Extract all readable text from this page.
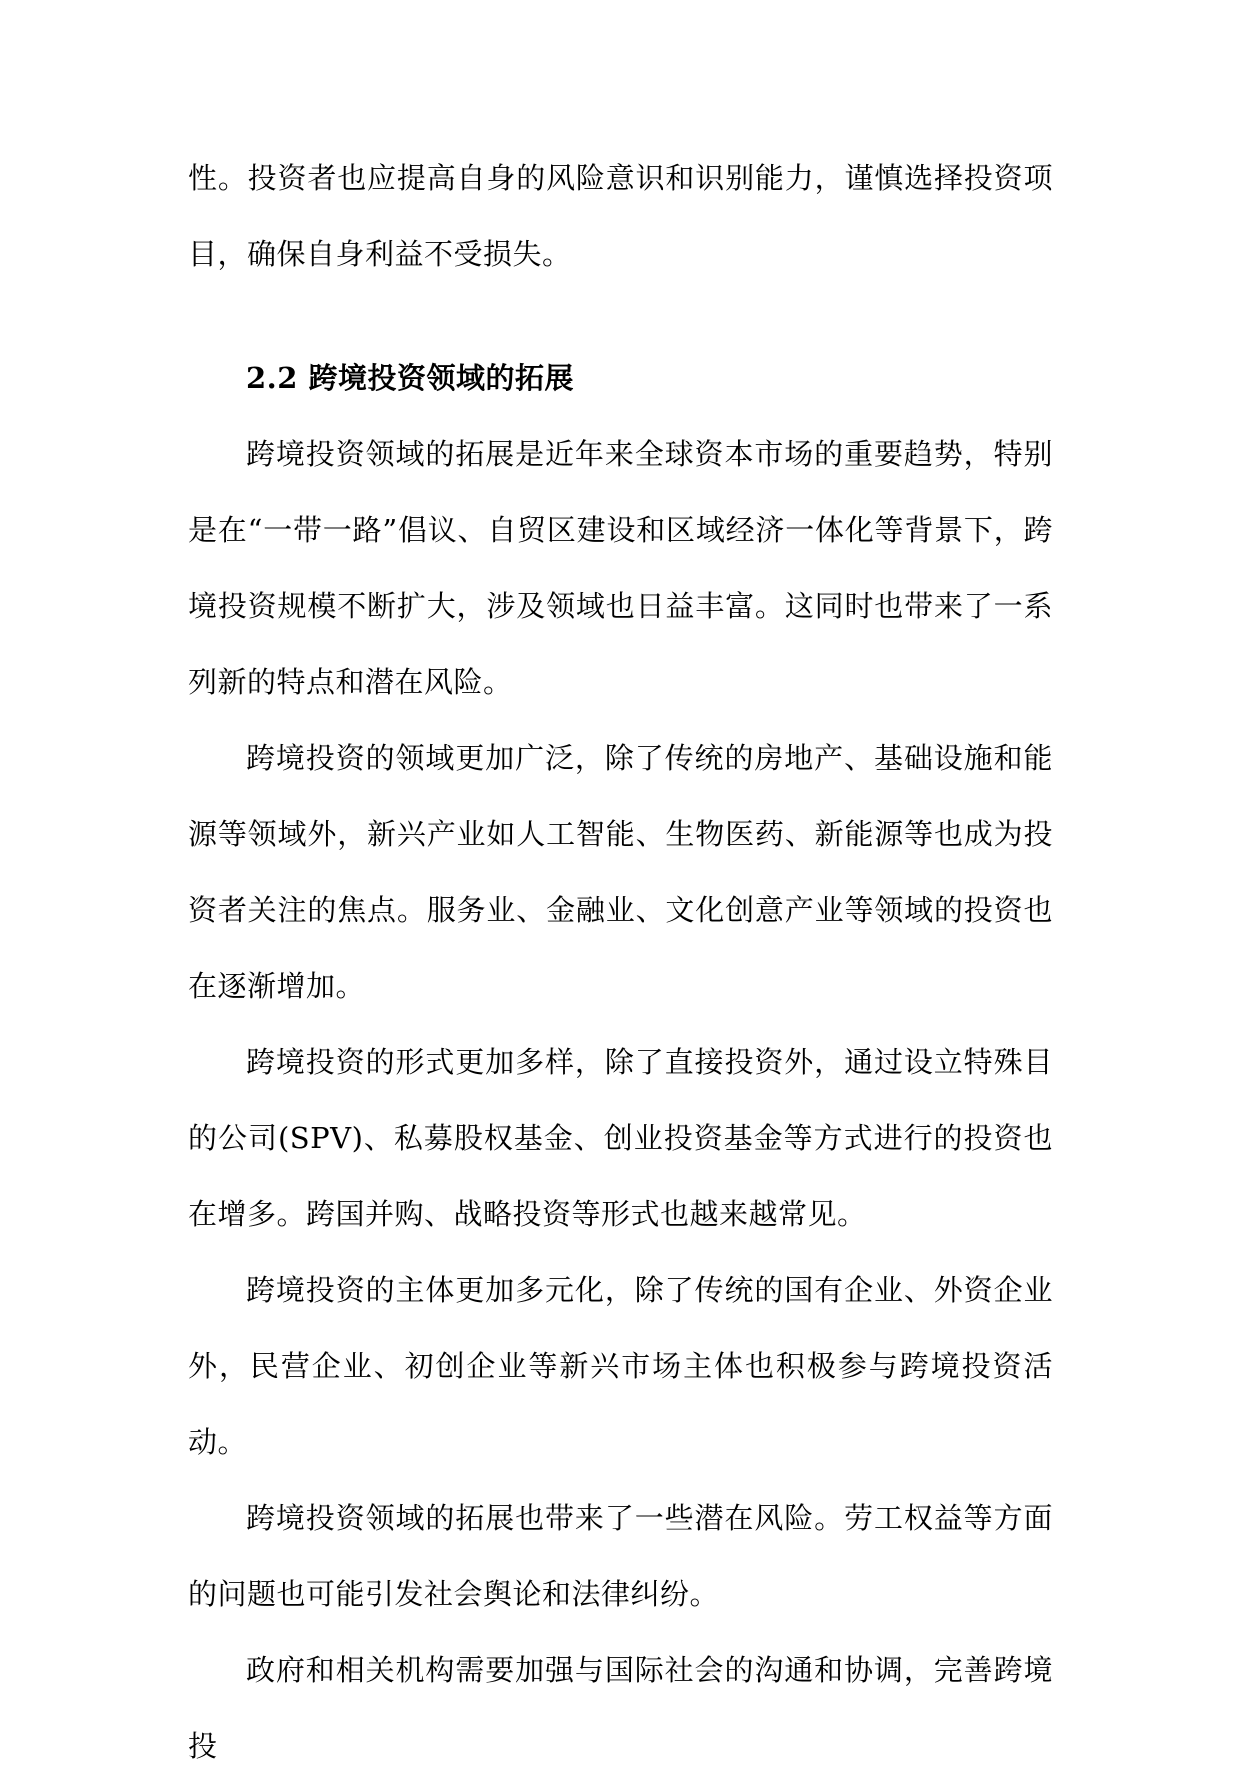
性。投资者也应提高自身的风险意识和识别能力，谨慎选择投资项目，确保自身利益不受损失。

2.2 跨境投资领域的拓展

跨境投资领域的拓展是近年来全球资本市场的重要趋势，特别是在“一带一路”倡议、自贸区建设和区域经济一体化等背景下，跨境投资规模不断扩大，涉及领域也日益丰富。这同时也带来了一系列新的特点和潜在风险。

跨境投资的领域更加广泛，除了传统的房地产、基础设施和能源等领域外，新兴产业如人工智能、生物医药、新能源等也成为投资者关注的焦点。服务业、金融业、文化创意产业等领域的投资也在逐渐增加。

跨境投资的形式更加多样，除了直接投资外，通过设立特殊目的公司(SPV)、私募股权基金、创业投资基金等方式进行的投资也在增多。跨国并购、战略投资等形式也越来越常见。

跨境投资的主体更加多元化，除了传统的国有企业、外资企业外，民营企业、初创企业等新兴市场主体也积极参与跨境投资活动。

跨境投资领域的拓展也带来了一些潜在风险。劳工权益等方面的问题也可能引发社会舆论和法律纠纷。

政府和相关机构需要加强与国际社会的沟通和协调，完善跨境投
